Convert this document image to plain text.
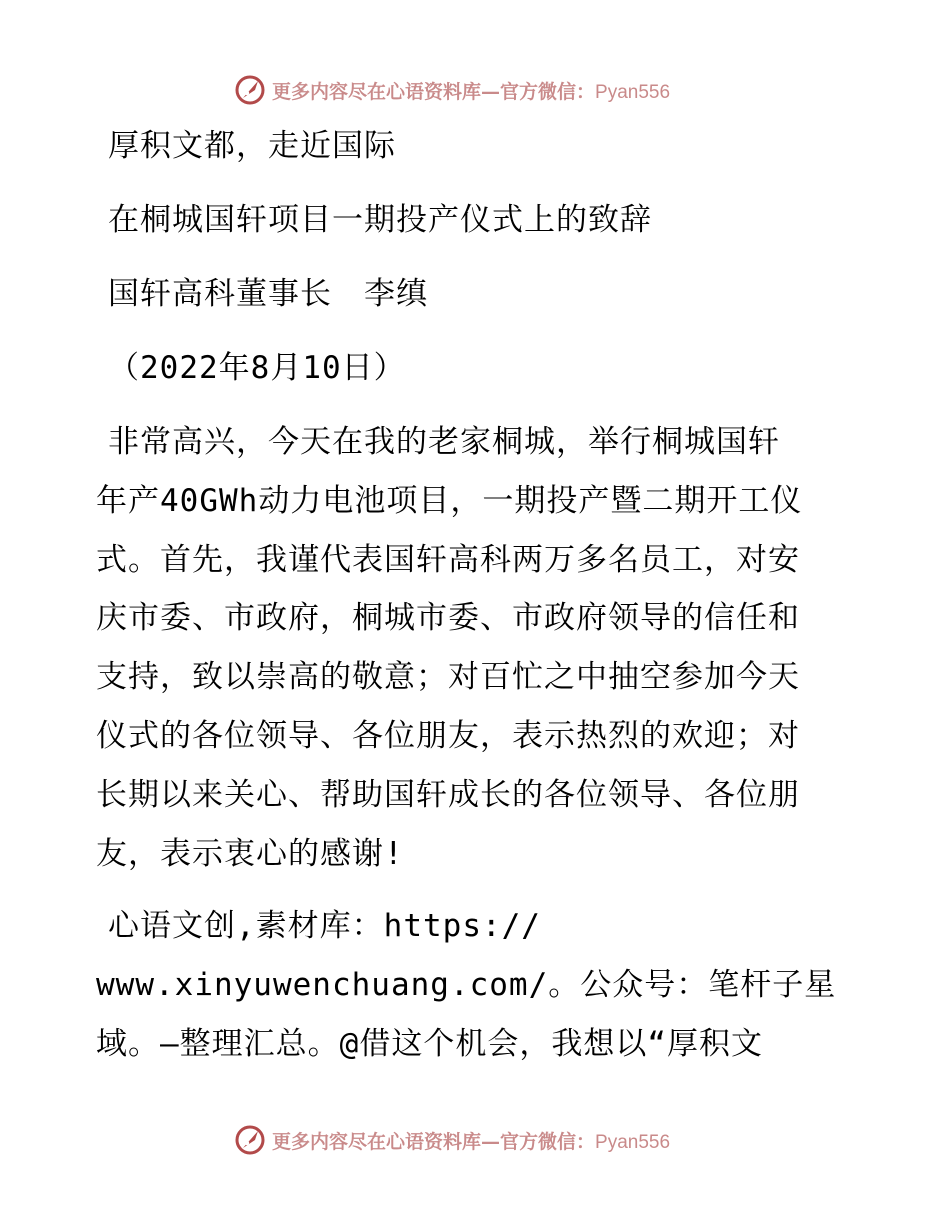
更多内容尽在心语资料库—官方微信：Pyan556
厚积文都，走近国际
在桐城国轩项目一期投产仪式上的致辞
国轩高科董事长　李缜
（2022年8月10日）
非常高兴，今天在我的老家桐城，举行桐城国轩
年产40GWh动力电池项目，一期投产暨二期开工仪
式。首先，我谨代表国轩高科两万多名员工，对安
庆市委、市政府，桐城市委、市政府领导的信任和
支持，致以崇高的敬意；对百忙之中抽空参加今天
仪式的各位领导、各位朋友，表示热烈的欢迎；对
长期以来关心、帮助国轩成长的各位领导、各位朋
友，表示衷心的感谢!
心语文创,素材库：https://
www.xinyuwenchuang.com/。公众号：笔杆子星
域。—整理汇总。@借这个机会，我想以“厚积文
更多内容尽在心语资料库—官方微信：Pyan556
